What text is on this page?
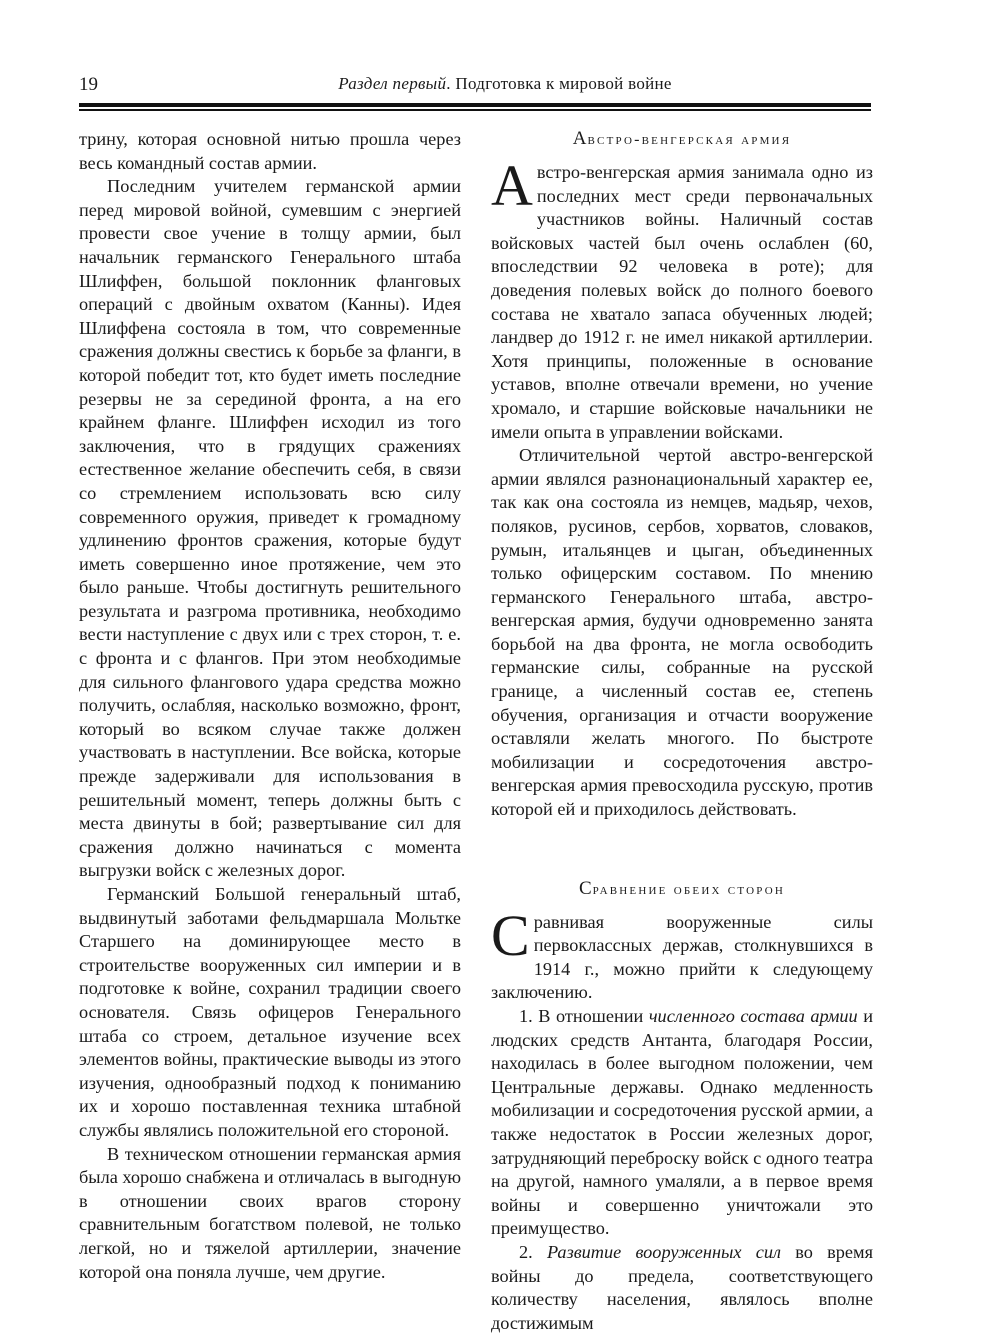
19	Раздел первый. Подготовка к мировой войне

трину, которая основной нитью прошла через весь командный состав армии.

Последним учителем германской армии перед мировой войной, сумевшим с энергией провести свое учение в толщу армии, был начальник германского Генерального штаба Шлиффен, большой поклонник фланговых операций с двойным охватом (Канны). Идея Шлиффена состояла в том, что современные сражения должны свестись к борьбе за фланги, в которой победит тот, кто будет иметь последние резервы не за серединой фронта, а на его крайнем фланге. Шлиффен исходил из того заключения, что в грядущих сражениях естественное желание обеспечить себя, в связи со стремлением использовать всю силу современного оружия, приведет к громадному удлинению фронтов сражения, которые будут иметь совершенно иное протяжение, чем это было раньше. Чтобы достигнуть решительного результата и разгрома противника, необходимо вести наступление с двух или с трех сторон, т. е. с фронта и с флангов. При этом необходимые для сильного флангового удара средства можно получить, ослабляя, насколько возможно, фронт, который во всяком случае также должен участвовать в наступлении. Все войска, которые прежде задерживали для использования в решительный момент, теперь должны быть с места двинуты в бой; развертывание сил для сражения должно начинаться с момента выгрузки войск с железных дорог.

Германский Большой генеральный штаб, выдвинутый заботами фельдмаршала Мольтке Старшего на доминирующее место в строительстве вооруженных сил империи и в подготовке к войне, сохранил традиции своего основателя. Связь офицеров Генерального штаба со строем, детальное изучение всех элементов войны, практические выводы из этого изучения, однообразный подход к пониманию их и хорошо поставленная техника штабной службы являлись положительной его стороной.

В техническом отношении германская армия была хорошо снабжена и отличалась в выгодную в отношении своих врагов сторону сравнительным богатством полевой, не только легкой, но и тяжелой артиллерии, значение которой она поняла лучше, чем другие.

Австро-венгерская армия

Австро-венгерская армия занимала одно из последних мест среди первоначальных участников войны. Наличный состав войсковых частей был очень ослаблен (60, впоследствии 92 человека в роте); для доведения полевых войск до полного боевого состава не хватало запаса обученных людей; ландвер до 1912 г. не имел никакой артиллерии. Хотя принципы, положенные в основание уставов, вполне отвечали времени, но учение хромало, и старшие войсковые начальники не имели опыта в управлении войсками.

Отличительной чертой австро-венгерской армии являлся разнонациональный характер ее, так как она состояла из немцев, мадьяр, чехов, поляков, русинов, сербов, хорватов, словаков, румын, итальянцев и цыган, объединенных только офицерским составом. По мнению германского Генерального штаба, австро-венгерская армия, будучи одновременно занята борьбой на два фронта, не могла освободить германские силы, собранные на русской границе, а численный состав ее, степень обучения, организация и отчасти вооружение оставляли желать многого. По быстроте мобилизации и сосредоточения австро-венгерская армия превосходила русскую, против которой ей и приходилось действовать.

Сравнение обеих сторон

Сравнивая вооруженные силы первоклассных держав, столкнувшихся в 1914 г., можно прийти к следующему заключению.

1. В отношении численного состава армии и людских средств Антанта, благодаря России, находилась в более выгодном положении, чем Центральные державы. Однако медленность мобилизации и сосредоточения русской армии, а также недостаток в России железных дорог, затрудняющий переброску войск с одного театра на другой, намного умаляли, а в первое время войны и совершенно уничтожали это преимущество.

2. Развитие вооруженных сил во время войны до предела, соответствующего количеству населения, являлось вполне достижимым
